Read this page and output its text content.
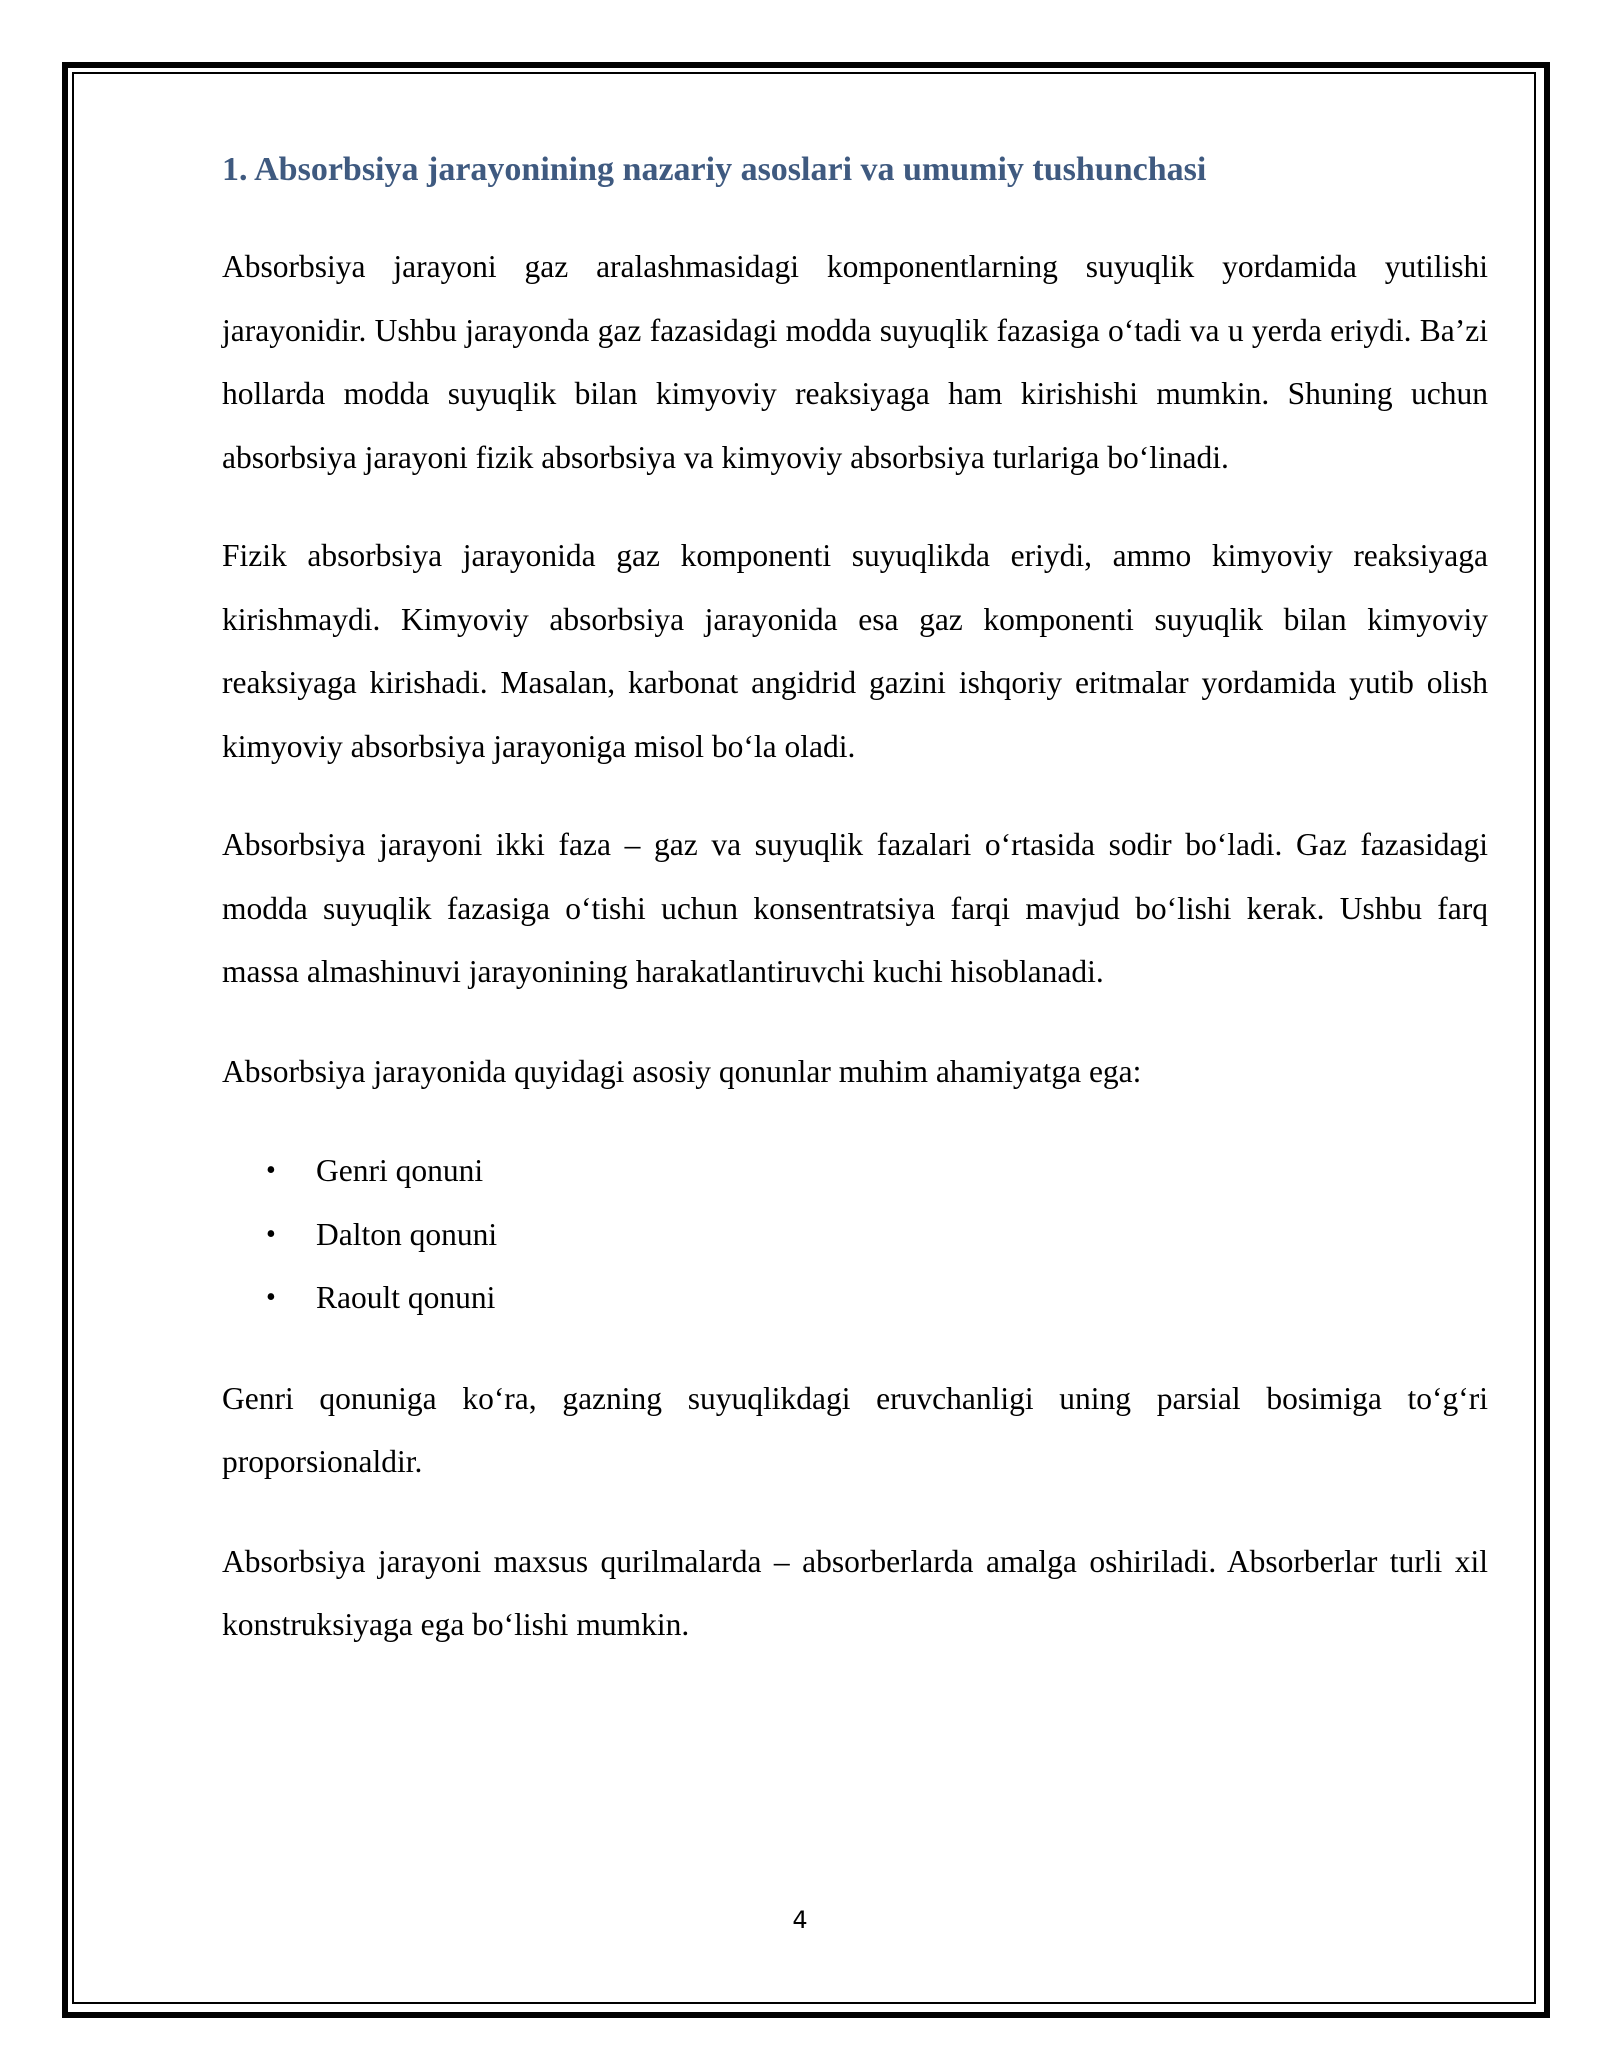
1. Absorbsiya jarayonining nazariy asoslari va umumiy tushunchasi

Absorbsiya jarayoni gaz aralashmasidagi komponentlarning suyuqlik yordamida yutilishi jarayonidir. Ushbu jarayonda gaz fazasidagi modda suyuqlik fazasiga o‘tadi va u yerda eriydi. Ba’zi hollarda modda suyuqlik bilan kimyoviy reaksiyaga ham kirishishi mumkin. Shuning uchun absorbsiya jarayoni fizik absorbsiya va kimyoviy absorbsiya turlariga bo‘linadi.

Fizik absorbsiya jarayonida gaz komponenti suyuqlikda eriydi, ammo kimyoviy reaksiyaga kirishmaydi. Kimyoviy absorbsiya jarayonida esa gaz komponenti suyuqlik bilan kimyoviy reaksiyaga kirishadi. Masalan, karbonat angidrid gazini ishqoriy eritmalar yordamida yutib olish kimyoviy absorbsiya jarayoniga misol bo‘la oladi.

Absorbsiya jarayoni ikki faza – gaz va suyuqlik fazalari o‘rtasida sodir bo‘ladi. Gaz fazasidagi modda suyuqlik fazasiga o‘tishi uchun konsentratsiya farqi mavjud bo‘lishi kerak. Ushbu farq massa almashinuvi jarayonining harakatlantiruvchi kuchi hisoblanadi.

Absorbsiya jarayonida quyidagi asosiy qonunlar muhim ahamiyatga ega:

• Genri qonuni
• Dalton qonuni
• Raoult qonuni

Genri qonuniga ko‘ra, gazning suyuqlikdagi eruvchanligi uning parsial bosimiga to‘g‘ri proporsionaldir.

Absorbsiya jarayoni maxsus qurilmalarda – absorberlarda amalga oshiriladi. Absorberlar turli xil konstruksiyaga ega bo‘lishi mumkin.

4
